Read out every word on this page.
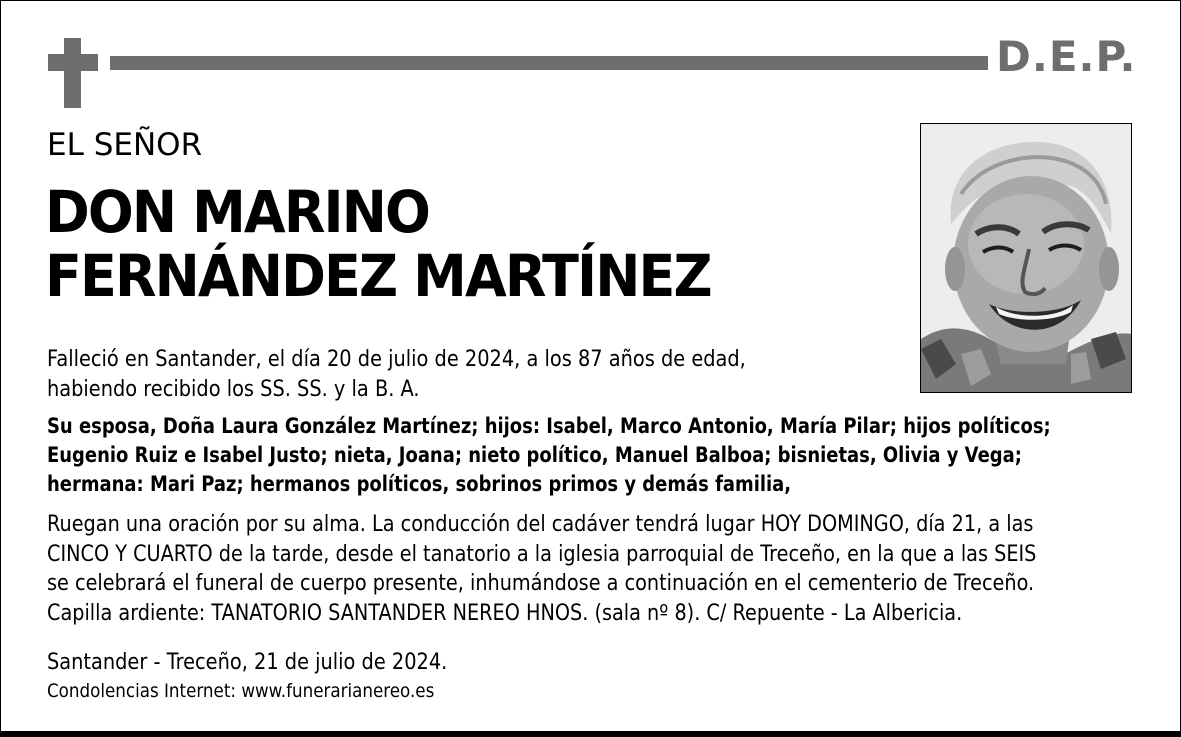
D.E.P.
EL SEÑOR
DON MARINO
FERNÁNDEZ MARTÍNEZ
Falleció en Santander, el día 20 de julio de 2024, a los 87 años de edad,
habiendo recibido los SS. SS. y la B. A.
Su esposa, Doña Laura González Martínez; hijos: Isabel, Marco Antonio, María Pilar; hijos políticos;
Eugenio Ruiz e Isabel Justo; nieta, Joana; nieto político, Manuel Balboa; bisnietas, Olivia y Vega;
hermana: Mari Paz; hermanos políticos, sobrinos primos y demás familia,
Ruegan una oración por su alma. La conducción del cadáver tendrá lugar HOY DOMINGO, día 21, a las
CINCO Y CUARTO de la tarde, desde el tanatorio a la iglesia parroquial de Treceño, en la que a las SEIS
se celebrará el funeral de cuerpo presente, inhumándose a continuación en el cementerio de Treceño.
Capilla ardiente: TANATORIO SANTANDER NEREO HNOS. (sala nº 8). C/ Repuente - La Albericia.
Santander - Treceño, 21 de julio de 2024.
Condolencias Internet: www.funerarianereo.es
